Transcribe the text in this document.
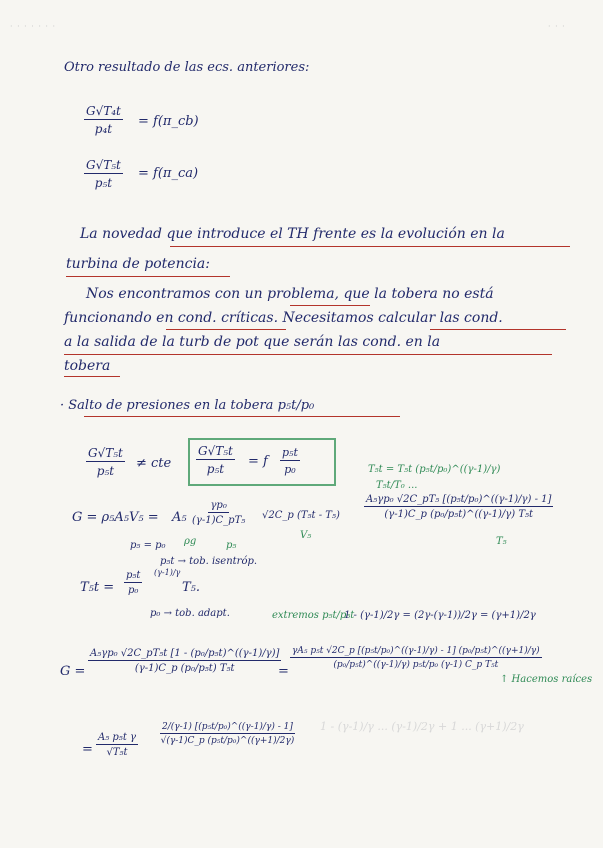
· · · · · · ·	· · ·
Otro resultado de las ecs. anteriores:
$\frac{\text{G√T₄t}}{\text{p₄t}}$ = f(π_cb)
$\frac{\text{G√T₅t}}{\text{p₅t}}$ = f(π_ca)
La novedad que introduce el TH frente es la evolución en la
turbina de potencia:
Nos encontramos con un problema, que la tobera no está
funcionando en cond. críticas. Necesitamos calcular las cond.
a la salida de la turb de pot que serán las cond. en la
tobera
· Salto de presiones en la tobera p₅t/p₀
$\frac{\text{G√T₅t}}{\text{p₅t}}$ ≠ cte $\frac{\text{G√T₅t}}{\text{p₅t}} = f \frac{\text{p₅t}}{\text{p₀}}$	T₅t = T₅t (p₅t/p₀)^((γ-1)/γ)
T₅t/T₀ ...
$G = \rho_5A_5V_5 = A_5 \frac{\text{γp₀}}{\text{(γ-1)C\_pT₅}}$ √2C_p (T₅t - T₅)
V₅
ρg	p₅
$\frac{\text{A₅γp₀ √2C\_pT₅ [(p₅t/p₀)\textasciicircum{}((γ-1)/γ) - 1]}}{\text{(γ-1)C\_p (p₀/p₅t)\textasciicircum{}((γ-1)/γ) T₅t}}$
T₅
p₅ = p₀
p₅t → tob. isentróp.
$T_5t = \frac{\text{p₅t}}{\text{p₀}} (\gamma-1)/\gamma$
T₅.
p₀ → tob. adapt.	extremos p₅t/p₅t
1 - (γ-1)/2γ = (2γ-(γ-1))/2γ = (γ+1)/2γ
$G = \frac{\text{A₅γp₀ √2C\_pT₅t [1 - (p₀/p₅t)\textasciicircum{}((γ-1)/γ)]}}{\text{(γ-1)C\_p (p₀/p₅t) T₅t}}$
=
$\frac{\text{γA₅ p₅t √2C\_p [(p₅t/p₀)\textasciicircum{}((γ-1)/γ) - 1] (p₀/p₅t)\textasciicircum{}((γ+1)/γ)}}{\text{(p₀/p₅t)\textasciicircum{}((γ-1)/γ) p₅t/p₀ (γ-1) C\_p T₅t}}$
↑ Hacemos raíces
= $\frac{\text{A₅ p₅t γ}}{\text{√T₅t}} \frac{\text{2/(γ-1) [(p₅t/p₀)\textasciicircum{}((γ-1)/γ) - 1]}}{\text{√(γ-1)C\_p (p₅t/p₀)\textasciicircum{}((γ+1)/2γ)}} 1 - (\gamma-1)/\gamma$ ... (γ-1)/2γ + 1 ... (γ+1)/2γ
